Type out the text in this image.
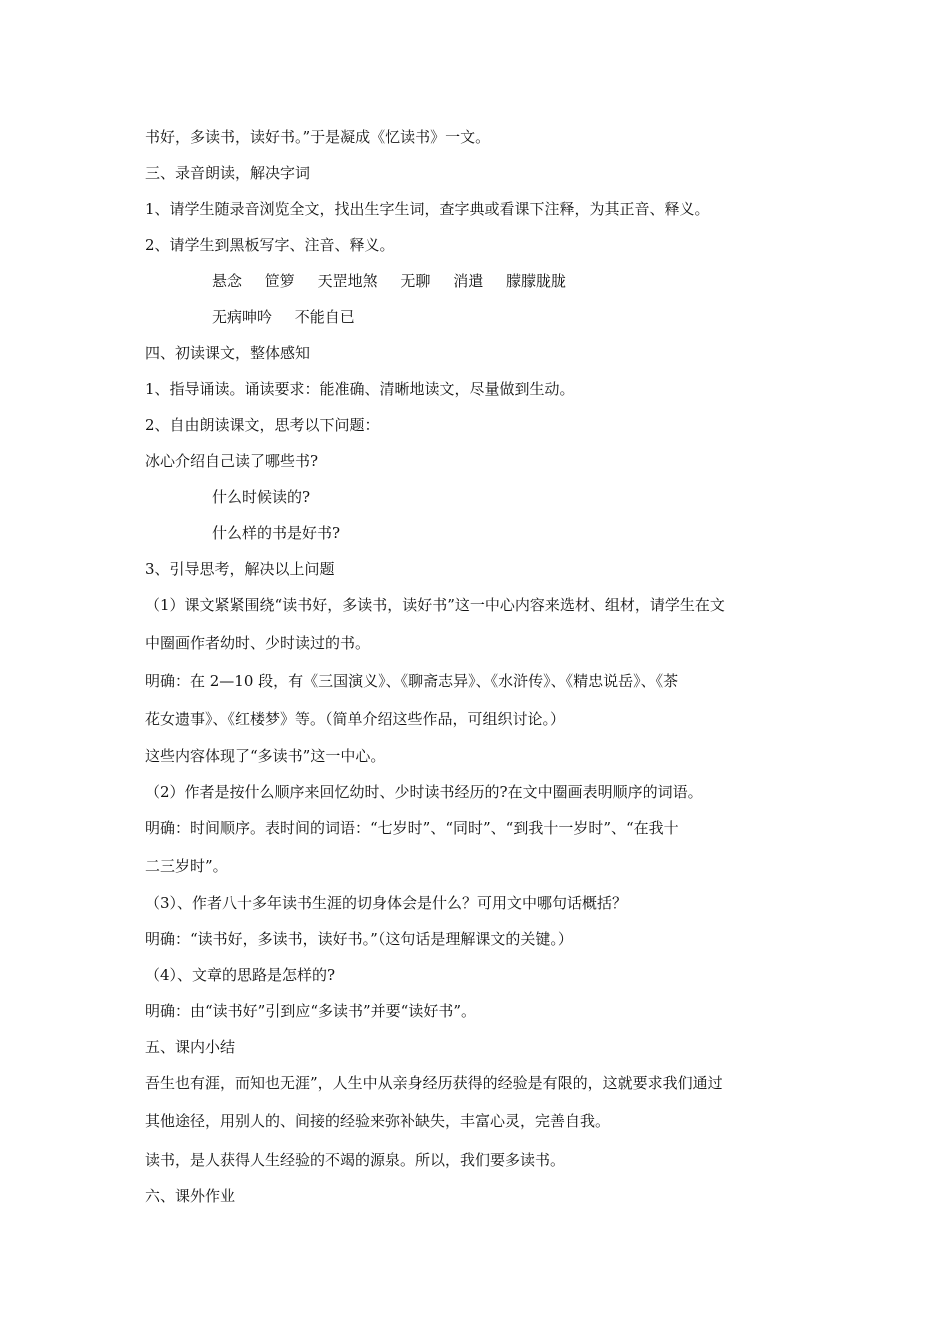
书好，多读书，读好书。”于是凝成《忆读书》一文。
三、录音朗读，解决字词
1、请学生随录音浏览全文，找出生字生词，查字典或看课下注释，为其正音、释义。
2、请学生到黑板写字、注音、释义。
悬念 笸箩 天罡地煞 无聊 消遣 朦朦胧胧
无病呻吟 不能自已
四、初读课文，整体感知
1、指导诵读。诵读要求：能准确、清晰地读文，尽量做到生动。
2、自由朗读课文，思考以下问题：
冰心介绍自己读了哪些书?
什么时候读的?
什么样的书是好书?
3、引导思考，解决以上问题
（1）课文紧紧围绕“读书好，多读书，读好书”这一中心内容来选材、组材，请学生在文
中圈画作者幼时、少时读过的书。
明确：在 2—10 段，有《三国演义》、《聊斋志异》、《水浒传》、《精忠说岳》、《茶
花女遗事》、《红楼梦》等。（简单介绍这些作品，可组织讨论。）
这些内容体现了“多读书”这一中心。
（2）作者是按什么顺序来回忆幼时、少时读书经历的?在文中圈画表明顺序的词语。
明确：时间顺序。表时间的词语：“七岁时”、“同时”、“到我十一岁时”、“在我十
二三岁时”。
（3）、作者八十多年读书生涯的切身体会是什么？可用文中哪句话概括？
明确：“读书好，多读书，读好书。”（这句话是理解课文的关键。）
（4）、文章的思路是怎样的?
明确：由“读书好”引到应“多读书”并要“读好书”。
五、课内小结
吾生也有涯，而知也无涯”，人生中从亲身经历获得的经验是有限的，这就要求我们通过
其他途径，用别人的、间接的经验来弥补缺失，丰富心灵，完善自我。
读书，是人获得人生经验的不竭的源泉。所以，我们要多读书。
六、课外作业
